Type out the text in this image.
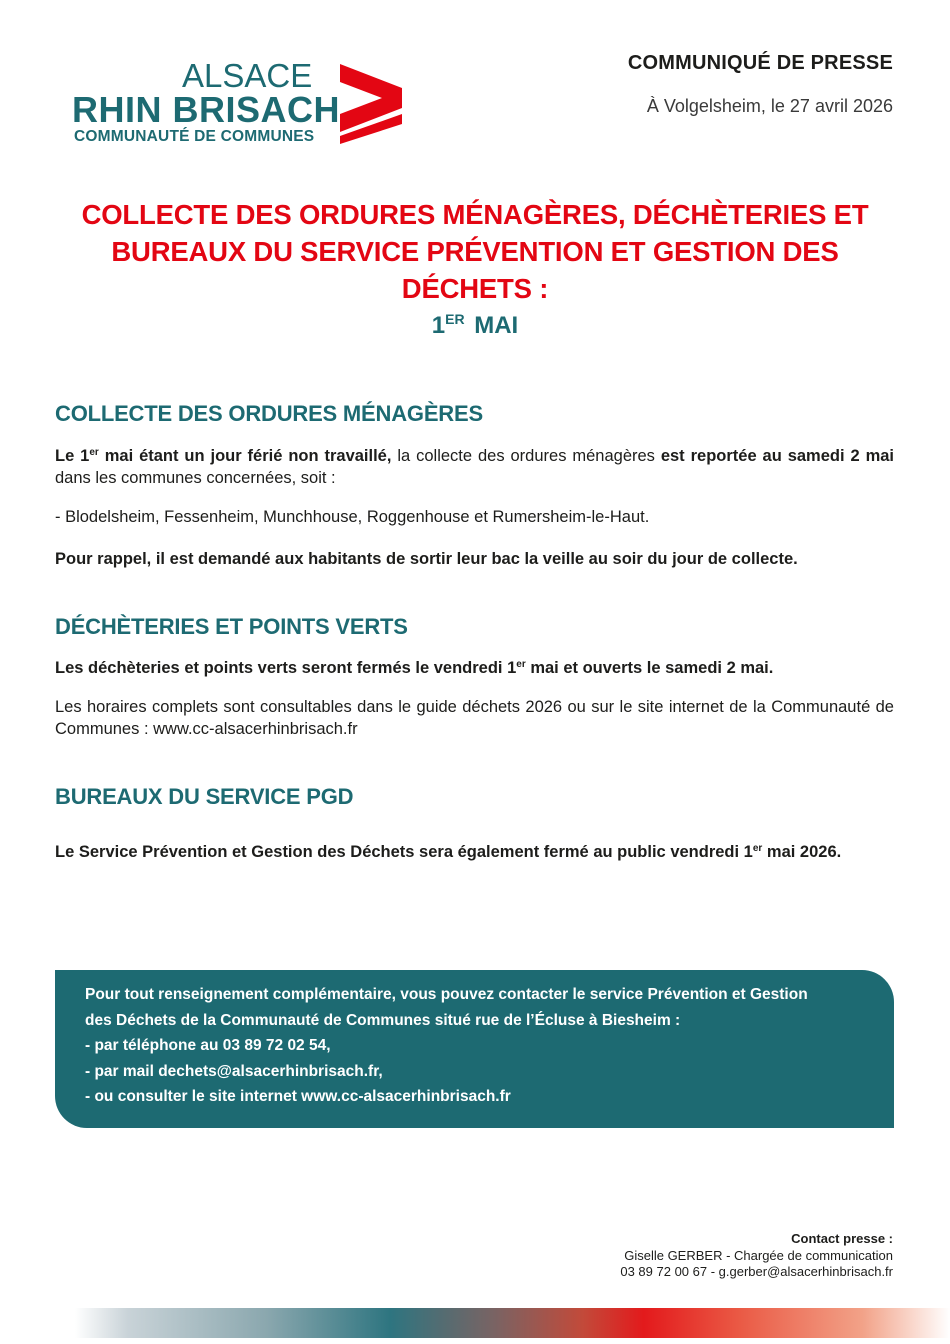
ALSACE
RHIN BRISACH
COMMUNAUTÉ DE COMMUNES
COMMUNIQUÉ DE PRESSE
À Volgelsheim, le 27 avril 2026
COLLECTE DES ORDURES MÉNAGÈRES, DÉCHÈTERIES ET BUREAUX DU SERVICE PRÉVENTION ET GESTION DES DÉCHETS :
1ER MAI
COLLECTE DES ORDURES MÉNAGÈRES
Le 1er mai étant un jour férié non travaillé, la collecte des ordures ménagères est reportée au samedi 2 mai dans les communes concernées, soit :
- Blodelsheim, Fessenheim, Munchhouse, Roggenhouse et Rumersheim-le-Haut.
Pour rappel, il est demandé aux habitants de sortir leur bac la veille au soir du jour de collecte.
DÉCHÈTERIES ET POINTS VERTS
Les déchèteries et points verts seront fermés le vendredi 1er mai et ouverts le samedi 2 mai.
Les horaires complets sont consultables dans le guide déchets 2026 ou sur le site internet de la Communauté de Communes : www.cc-alsacerhinbrisach.fr
BUREAUX DU SERVICE PGD
Le Service Prévention et Gestion des Déchets sera également fermé au public vendredi 1er mai 2026.
Pour tout renseignement complémentaire, vous pouvez contacter le service Prévention et Gestion
des Déchets de la Communauté de Communes situé rue de l’Écluse à Biesheim :
- par téléphone au 03 89 72 02 54,
- par mail dechets@alsacerhinbrisach.fr,
- ou consulter le site internet www.cc-alsacerhinbrisach.fr
Contact presse :
Giselle GERBER - Chargée de communication
03 89 72 00 67 - g.gerber@alsacerhinbrisach.fr
